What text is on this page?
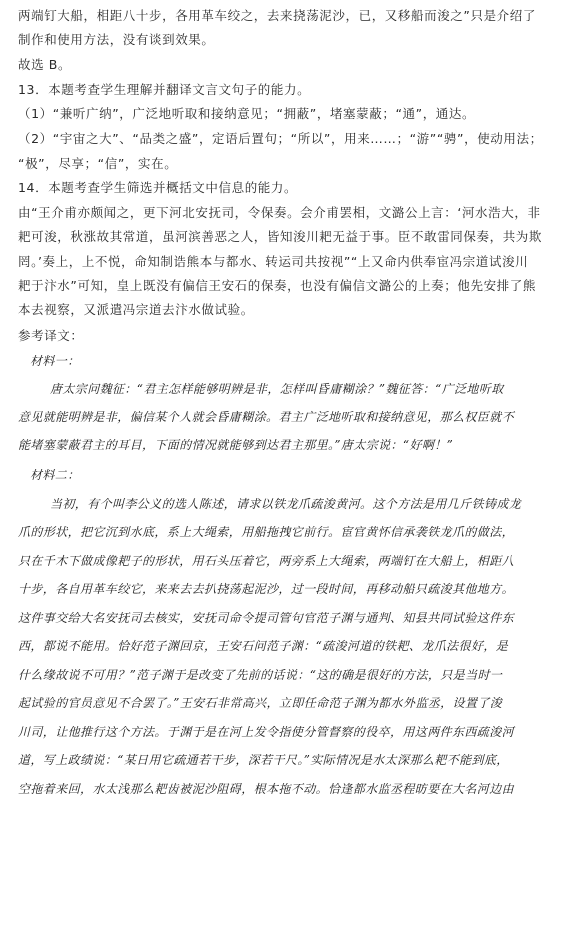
两端钉大船，相距八十步，各用革车绞之，去来挠荡泥沙，已，又移船而浚之”只是介绍了
制作和使用方法，没有谈到效果。
故选 B。
13．本题考查学生理解并翻译文言文句子的能力。
（1）“兼听广纳”，广泛地听取和接纳意见；“拥蔽”，堵塞蒙蔽；“通”，通达。
（2）“宇宙之大”、“品类之盛”，定语后置句；“所以”，用来……；“游”“骋”，使动用法；
“极”，尽享；“信”，实在。
14．本题考查学生筛选并概括文中信息的能力。
由“王介甫亦颇闻之，更下河北安抚司，令保奏。会介甫罢相，文潞公上言：‘河水浩大，非
耙可浚，秋涨故其常道，虽河滨善恶之人，皆知浚川耙无益于事。臣不敢雷同保奏，共为欺
罔。’奏上，上不悦，命知制诰熊本与都水、转运司共按视”“上又命内供奉宦冯宗道试浚川
耙于汴水”可知，皇上既没有偏信王安石的保奏，也没有偏信文潞公的上奏；他先安排了熊
本去视察，又派遣冯宗道去汴水做试验。
参考译文：
材料一：
唐太宗问魏征：“君主怎样能够明辨是非，怎样叫昏庸糊涂？”魏征答：“广泛地听取
意见就能明辨是非，偏信某个人就会昏庸糊涂。君主广泛地听取和接纳意见，那么权臣就不
能堵塞蒙蔽君主的耳目，下面的情况就能够到达君主那里。”唐太宗说：“好啊！”
材料二：
当初，有个叫李公义的选人陈述，请求以铁龙爪疏浚黄河。这个方法是用几斤铁铸成龙
爪的形状，把它沉到水底，系上大绳索，用船拖拽它前行。宦官黄怀信承袭铁龙爪的做法，
只在千木下做成像耙子的形状，用石头压着它，两旁系上大绳索，两端钉在大船上，相距八
十步，各自用革车绞它，来来去去扒挠荡起泥沙，过一段时间，再移动船只疏浚其他地方。
这件事交给大名安抚司去核实，安抚司命令提司管句官范子渊与通判、知县共同试验这件东
西，都说不能用。恰好范子渊回京，王安石问范子渊：“疏浚河道的铁耙、龙爪法很好，是
什么缘故说不可用？”范子渊于是改变了先前的话说：“这的确是很好的方法，只是当时一
起试验的官员意见不合罢了。”王安石非常高兴，立即任命范子渊为都水外监丞，设置了浚
川司，让他推行这个方法。于渊于是在河上发令指使分管督察的役卒，用这两件东西疏浚河
道，写上政绩说：“某日用它疏通若干步，深若干尺。”实际情况是水太深那么耙不能到底，
空拖着来回，水太浅那么耙齿被泥沙阻碍，根本拖不动。恰逢都水监丞程昉要在大名河边由
